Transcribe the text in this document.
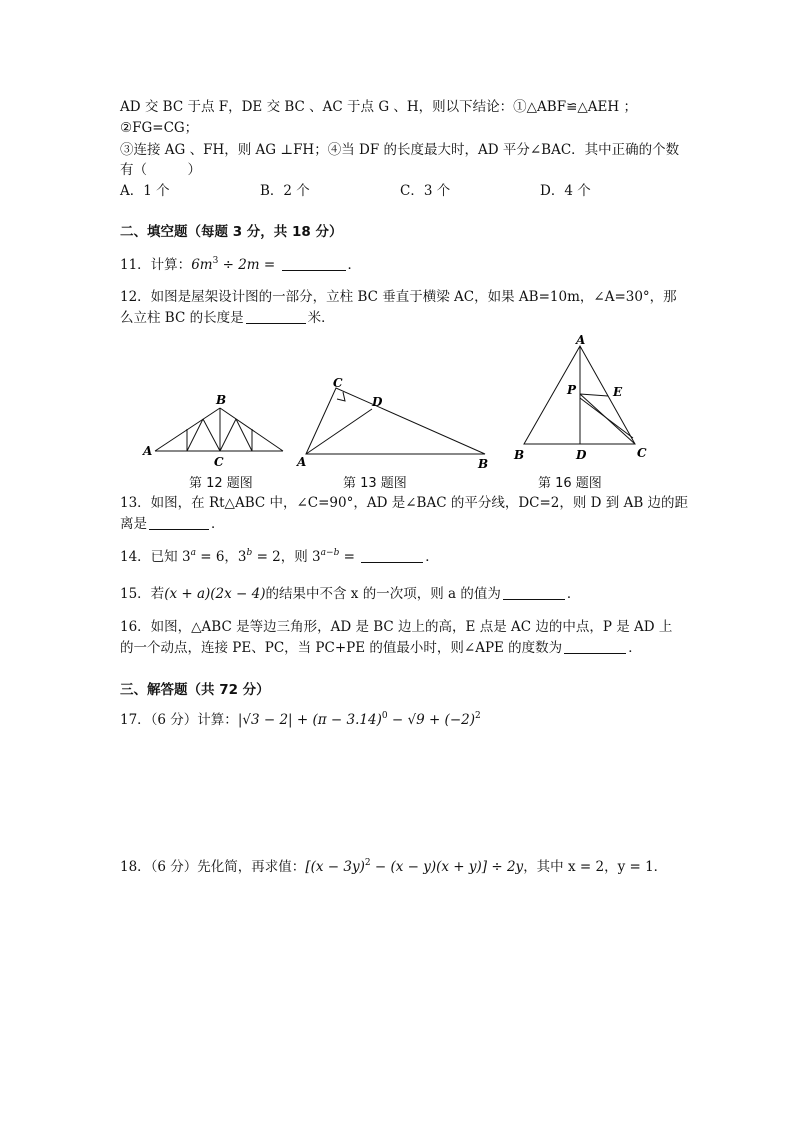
AD 交 BC 于点 F，DE 交 BC 、AC 于点 G 、H，则以下结论：①△ABF≌△AEH ；
②FG=CG；
③连接 AG 、FH，则 AG ⊥FH；④当 DF 的长度最大时，AD 平分∠BAC．其中正确的个数
有（　　　）
A．1 个	B．2 个	C．3 个	D．4 个
二、填空题（每题 3 分，共 18 分）
11．计算：$6m^3 \div 2m$ =	．
12．如图是屋架设计图的一部分，立柱 BC 垂直于横梁 AC，如果 AB=10m，∠A=30°，那
么立柱 BC 的长度是	米．
A
B
C	A	B
C
D
A
B	C
D
E
P
第 12 题图	第 13 题图	第 16 题图
13．如图，在 Rt△ABC 中，∠C=90°，AD 是∠BAC 的平分线，DC=2，则 D 到 AB 边的距
离是	．
14．已知 $3^a = 6$，$3^b = 2$，则 $3^{a-b}$ =	．
15．若(x + a)(2x − 4)的结果中不含 x 的一次项，则 a 的值为	．
16．如图，△ABC 是等边三角形，AD 是 BC 边上的高，E 点是 AC 边的中点，P 是 AD 上
的一个动点，连接 PE、PC，当 PC+PE 的值最小时，则∠APE 的度数为	．
三、解答题（共 72 分）
17．（6 分）计算：$|√3 - 2| + (\pi - 3.14)^0 - √9 + (-2)^2$
18．（6 分）先化简，再求值：$[(x - 3y)^2 - (x - y)(x + y)] \div 2y$，其中 x = 2，y = 1．
